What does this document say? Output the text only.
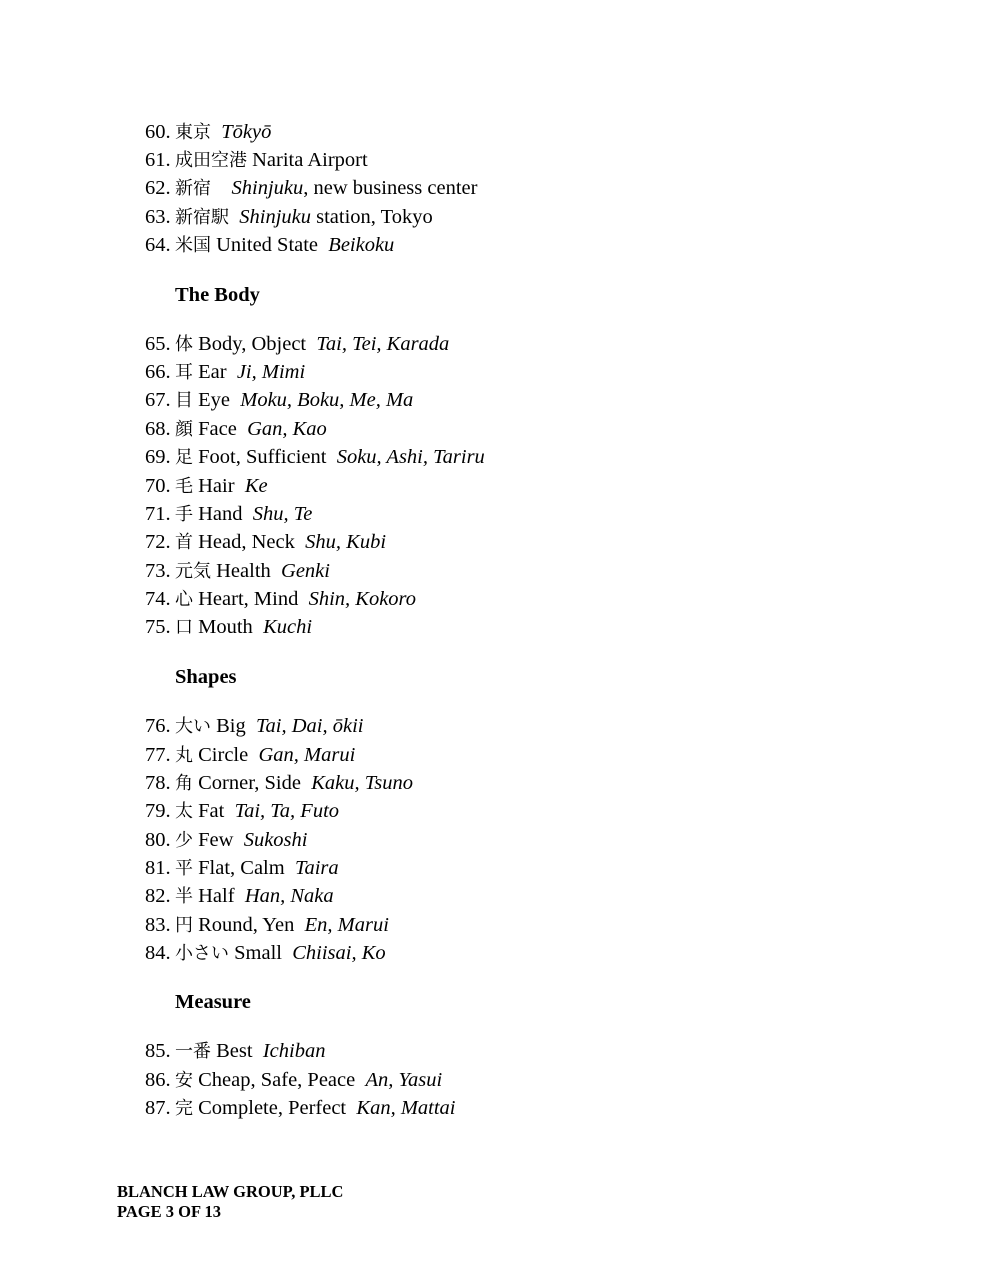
60. 東京 Tōkyō
61. 成田空港 Narita Airport
62. 新宿 Shinjuku, new business center
63. 新宿駅 Shinjuku station, Tokyo
64. 米国 United State Beikoku
The Body
65. 体 Body, Object Tai, Tei, Karada
66. 耳 Ear Ji, Mimi
67. 目 Eye Moku, Boku, Me, Ma
68. 顔 Face Gan, Kao
69. 足 Foot, Sufficient Soku, Ashi, Tariru
70. 毛 Hair Ke
71. 手 Hand Shu, Te
72. 首 Head, Neck Shu, Kubi
73. 元気 Health Genki
74. 心 Heart, Mind Shin, Kokoro
75. 口 Mouth Kuchi
Shapes
76. 大い Big Tai, Dai, ōkii
77. 丸 Circle Gan, Marui
78. 角 Corner, Side Kaku, Tsuno
79. 太 Fat Tai, Ta, Futo
80. 少 Few Sukoshi
81. 平 Flat, Calm Taira
82. 半 Half Han, Naka
83. 円 Round, Yen En, Marui
84. 小さい Small Chiisai, Ko
Measure
85. 一番 Best Ichiban
86. 安 Cheap, Safe, Peace An, Yasui
87. 完 Complete, Perfect Kan, Mattai
BLANCH LAW GROUP, PLLC
PAGE 3 OF 13
